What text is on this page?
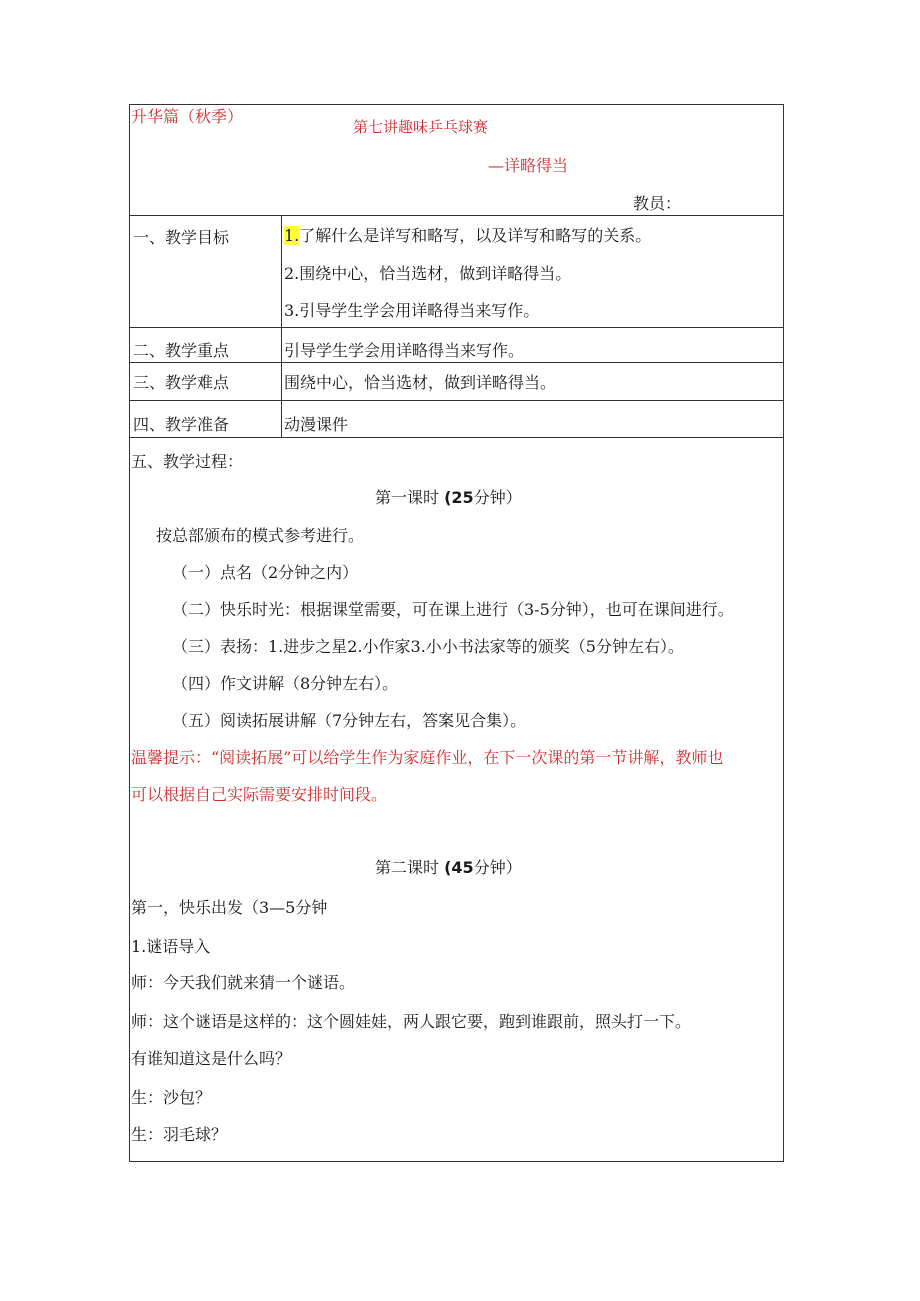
升华篇（秋季）
第七讲趣味乒乓球赛
—详略得当
教员：
一、教学目标	1.了解什么是详写和略写，以及详写和略写的关系。
2.围绕中心，恰当选材，做到详略得当。
3.引导学生学会用详略得当来写作。
二、教学重点	引导学生学会用详略得当来写作。
三、教学难点	围绕中心，恰当选材，做到详略得当。
四、教学准备	动漫课件
五、教学过程：
第一课时 (25分钟）
按总部颁布的模式参考进行。
（一）点名（2分钟之内）
（二）快乐时光：根据课堂需要，可在课上进行（3-5分钟），也可在课间进行。
（三）表扬：1.进步之星2.小作家3.小小书法家等的颁奖（5分钟左右）。
（四）作文讲解（8分钟左右）。
（五）阅读拓展讲解（7分钟左右，答案见合集）。
温馨提示：“阅读拓展”可以给学生作为家庭作业，在下一次课的第一节讲解，教师也
可以根据自己实际需要安排时间段。
第二课时 (45分钟）
第一，快乐出发（3—5分钟
1.谜语导入
师：今天我们就来猜一个谜语。
师：这个谜语是这样的：这个圆娃娃，两人跟它要，跑到谁跟前，照头打一下。
有谁知道这是什么吗？
生：沙包？
生：羽毛球？
